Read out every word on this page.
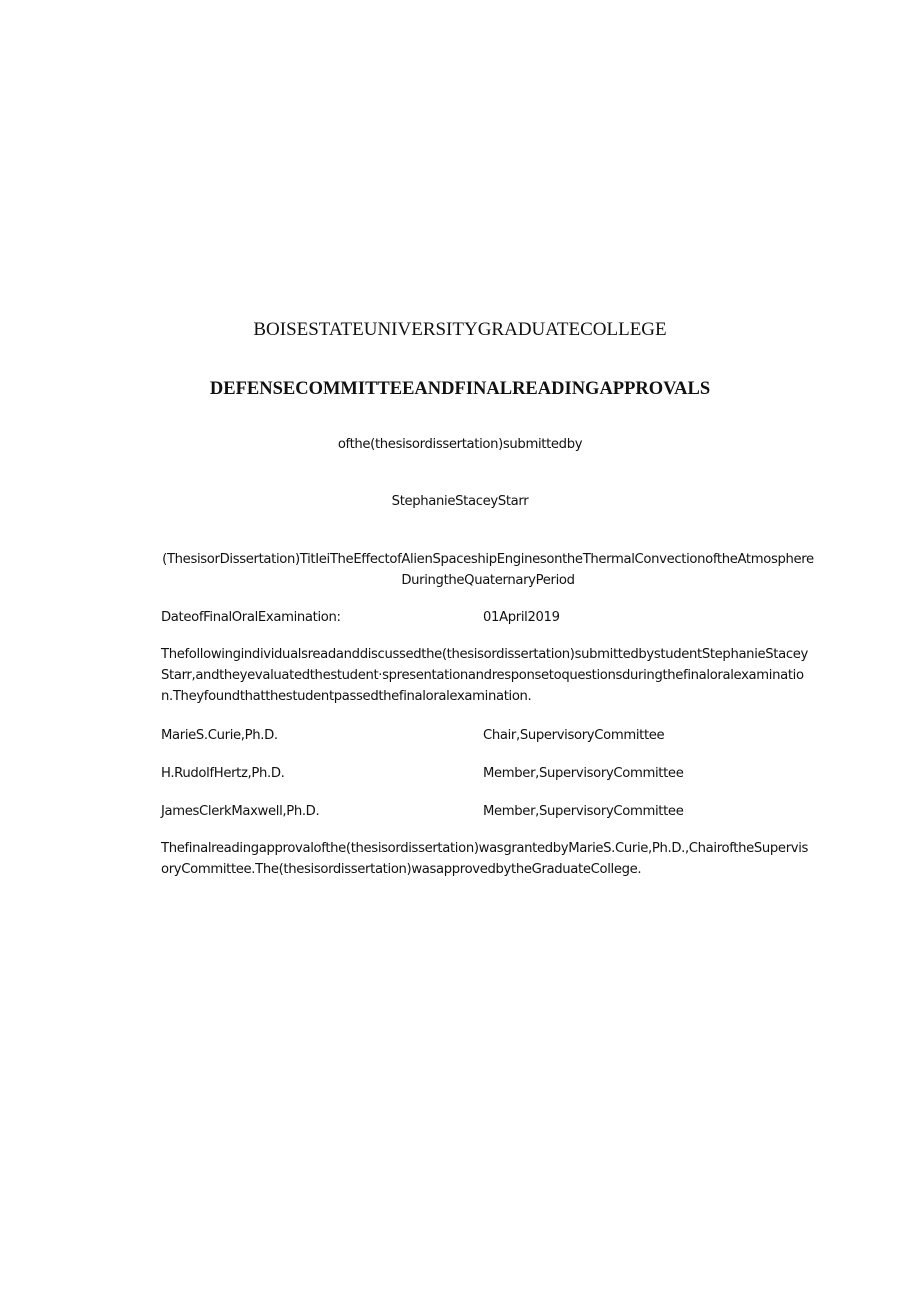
BOISESTATEUNIVERSITYGRADUATECOLLEGE
DEFENSECOMMITTEEANDFINALREADINGAPPROVALS
ofthe(thesisordissertation)submittedby
StephanieStaceyStarr
(ThesisorDissertation)TitIeiTheEffectofAlienSpaceshipEnginesontheThermalConvectionoftheAtmosphereDuringtheQuaternaryPeriod
DateofFinalOralExamination:	01April2019
Thefollowingindividualsreadanddiscussedthe(thesisordissertation)submittedbystudentStephanieStaceyStarr,andtheyevaluatedthestudent·spresentationandresponsetoquestionsduringthefinaloralexamination.Theyfoundthatthestudentpassedthefinaloralexamination.
MarieS.Curie,Ph.D.	Chair,SupervisoryCommittee
H.RudolfHertz,Ph.D.	Member,SupervisoryCommittee
JamesClerkMaxwell,Ph.D.	Member,SupervisoryCommittee
Thefinalreadingapprovalofthe(thesisordissertation)wasgrantedbyMarieS.Curie,Ph.D.,ChairoftheSupervisoryCommittee.The(thesisordissertation)wasapprovedbytheGraduateCollege.
